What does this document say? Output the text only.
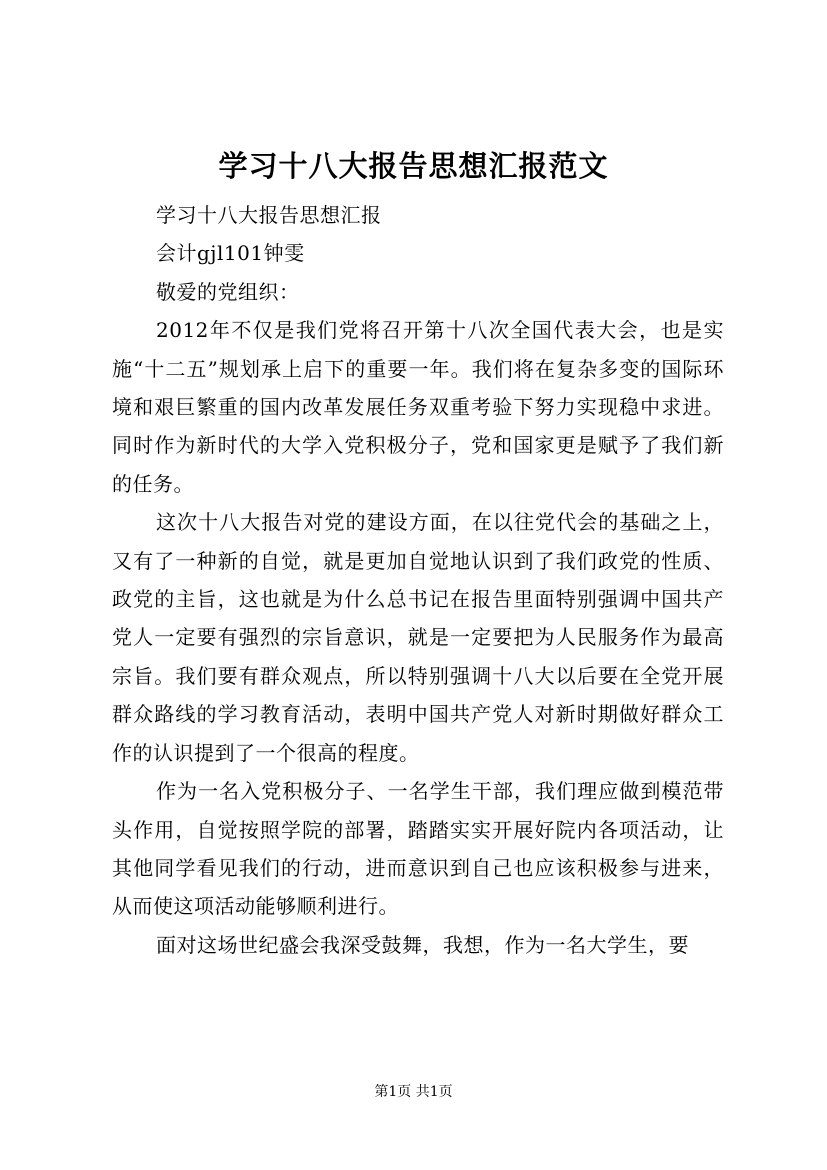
学习十八大报告思想汇报范文

学习十八大报告思想汇报

会计gjl101钟雯

敬爱的党组织：

2012年不仅是我们党将召开第十八次全国代表大会，也是实施“十二五”规划承上启下的重要一年。我们将在复杂多变的国际环境和艰巨繁重的国内改革发展任务双重考验下努力实现稳中求进。同时作为新时代的大学入党积极分子，党和国家更是赋予了我们新的任务。

这次十八大报告对党的建设方面，在以往党代会的基础之上，又有了一种新的自觉，就是更加自觉地认识到了我们政党的性质、政党的主旨，这也就是为什么总书记在报告里面特别强调中国共产党人一定要有强烈的宗旨意识，就是一定要把为人民服务作为最高宗旨。我们要有群众观点，所以特别强调十八大以后要在全党开展群众路线的学习教育活动，表明中国共产党人对新时期做好群众工作的认识提到了一个很高的程度。

作为一名入党积极分子、一名学生干部，我们理应做到模范带头作用，自觉按照学院的部署，踏踏实实开展好院内各项活动，让其他同学看见我们的行动，进而意识到自己也应该积极参与进来，从而使这项活动能够顺利进行。

面对这场世纪盛会我深受鼓舞，我想，作为一名大学生，要

第1页 共1页
